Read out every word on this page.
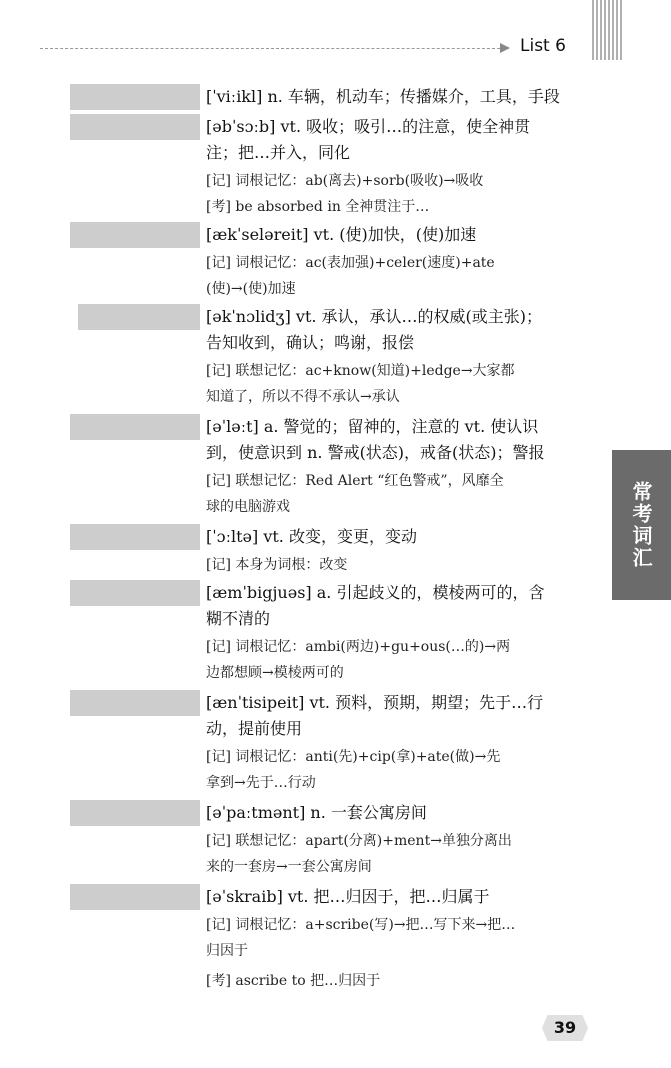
List 6
常考词汇
[ˈviːikl] n. 车辆，机动车；传播媒介，工具，手段
[əbˈsɔːb] vt. 吸收；吸引…的注意，使全神贯
注；把…并入，同化
[记] 词根记忆：ab(离去)+sorb(吸收)→吸收
[考] be absorbed in 全神贯注于…
[ækˈseləreit] vt. (使)加快，(使)加速
[记] 词根记忆：ac(表加强)+celer(速度)+ate
(使)→(使)加速
[əkˈnɔlidʒ] vt. 承认，承认…的权威(或主张)；
告知收到，确认；鸣谢，报偿
[记] 联想记忆：ac+know(知道)+ledge→大家都
知道了，所以不得不承认→承认
[əˈləːt] a. 警觉的；留神的，注意的 vt. 使认识
到，使意识到 n. 警戒(状态)，戒备(状态)；警报
[记] 联想记忆：Red Alert “红色警戒”，风靡全
球的电脑游戏
[ˈɔːltə] vt. 改变，变更，变动
[记] 本身为词根：改变
[æmˈbigjuəs] a. 引起歧义的，模棱两可的，含
糊不清的
[记] 词根记忆：ambi(两边)+gu+ous(…的)→两
边都想顾→模棱两可的
[ænˈtisipeit] vt. 预料，预期，期望；先于…行
动，提前使用
[记] 词根记忆：anti(先)+cip(拿)+ate(做)→先
拿到→先于…行动
[əˈpaːtmənt] n. 一套公寓房间
[记] 联想记忆：apart(分离)+ment→单独分离出
来的一套房→一套公寓房间
[əˈskraib] vt. 把…归因于，把…归属于
[记] 词根记忆：a+scribe(写)→把…写下来→把…
归因于
[考] ascribe to 把…归因于
39
